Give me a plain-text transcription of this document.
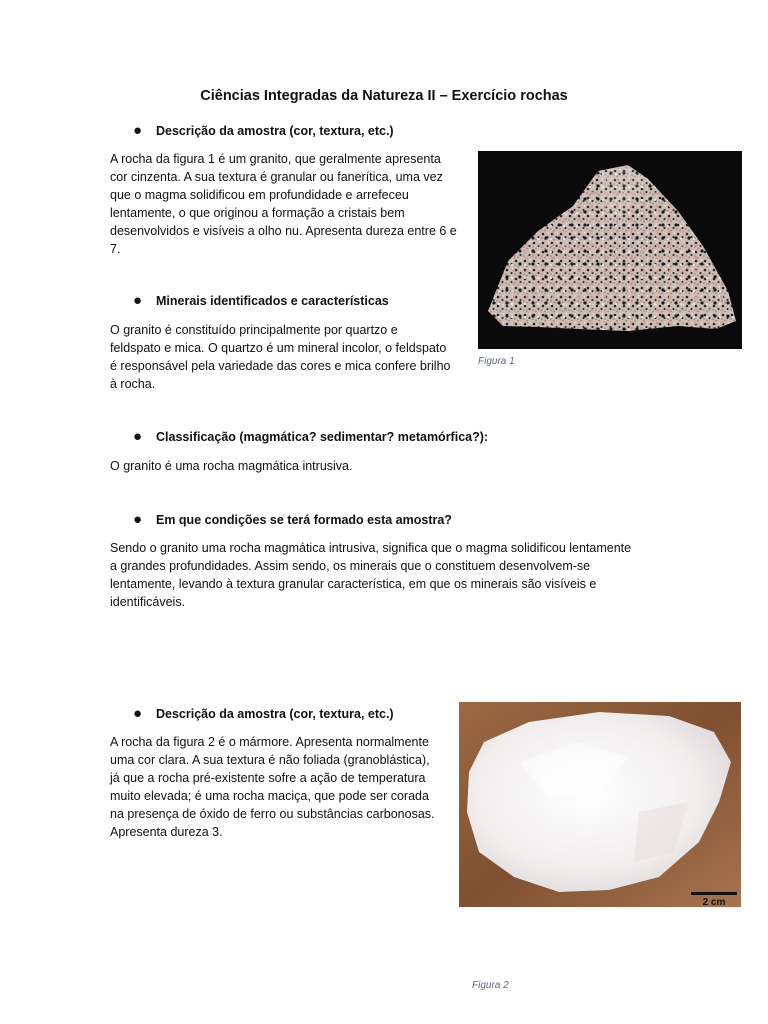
Ciências Integradas da Natureza II – Exercício rochas
● Descrição da amostra (cor, textura, etc.)
A rocha da figura 1 é um granito, que geralmente apresenta
cor cinzenta. A sua textura é granular ou fanerítica, uma vez
que o magma solidificou em profundidade e arrefeceu
lentamente, o que originou a formação a cristais bem
desenvolvidos e visíveis a olho nu. Apresenta dureza entre 6 e
7.
● Minerais identificados e características
O granito é constituído principalmente por quartzo e
feldspato e mica. O quartzo é um mineral incolor, o feldspato
é responsável pela variedade das cores e mica confere brilho
à rocha.
● Classificação (magmática? sedimentar? metamórfica?):
O granito é uma rocha magmática intrusiva.
● Em que condições se terá formado esta amostra?
Sendo o granito uma rocha magmática intrusiva, significa que o magma solidificou lentamente
a grandes profundidades. Assim sendo, os minerais que o constituem desenvolvem-se
lentamente, levando à textura granular característica, em que os minerais são visíveis e
identificáveis.
Figura 1
● Descrição da amostra (cor, textura, etc.)
A rocha da figura 2 é o mármore. Apresenta normalmente
uma cor clara. A sua textura é não foliada (granoblástica),
já que a rocha pré-existente sofre a ação de temperatura
muito elevada; é uma rocha maciça, que pode ser corada
na presença de óxido de ferro ou substâncias carbonosas.
Apresenta dureza 3.
2 cm
Figura 2
